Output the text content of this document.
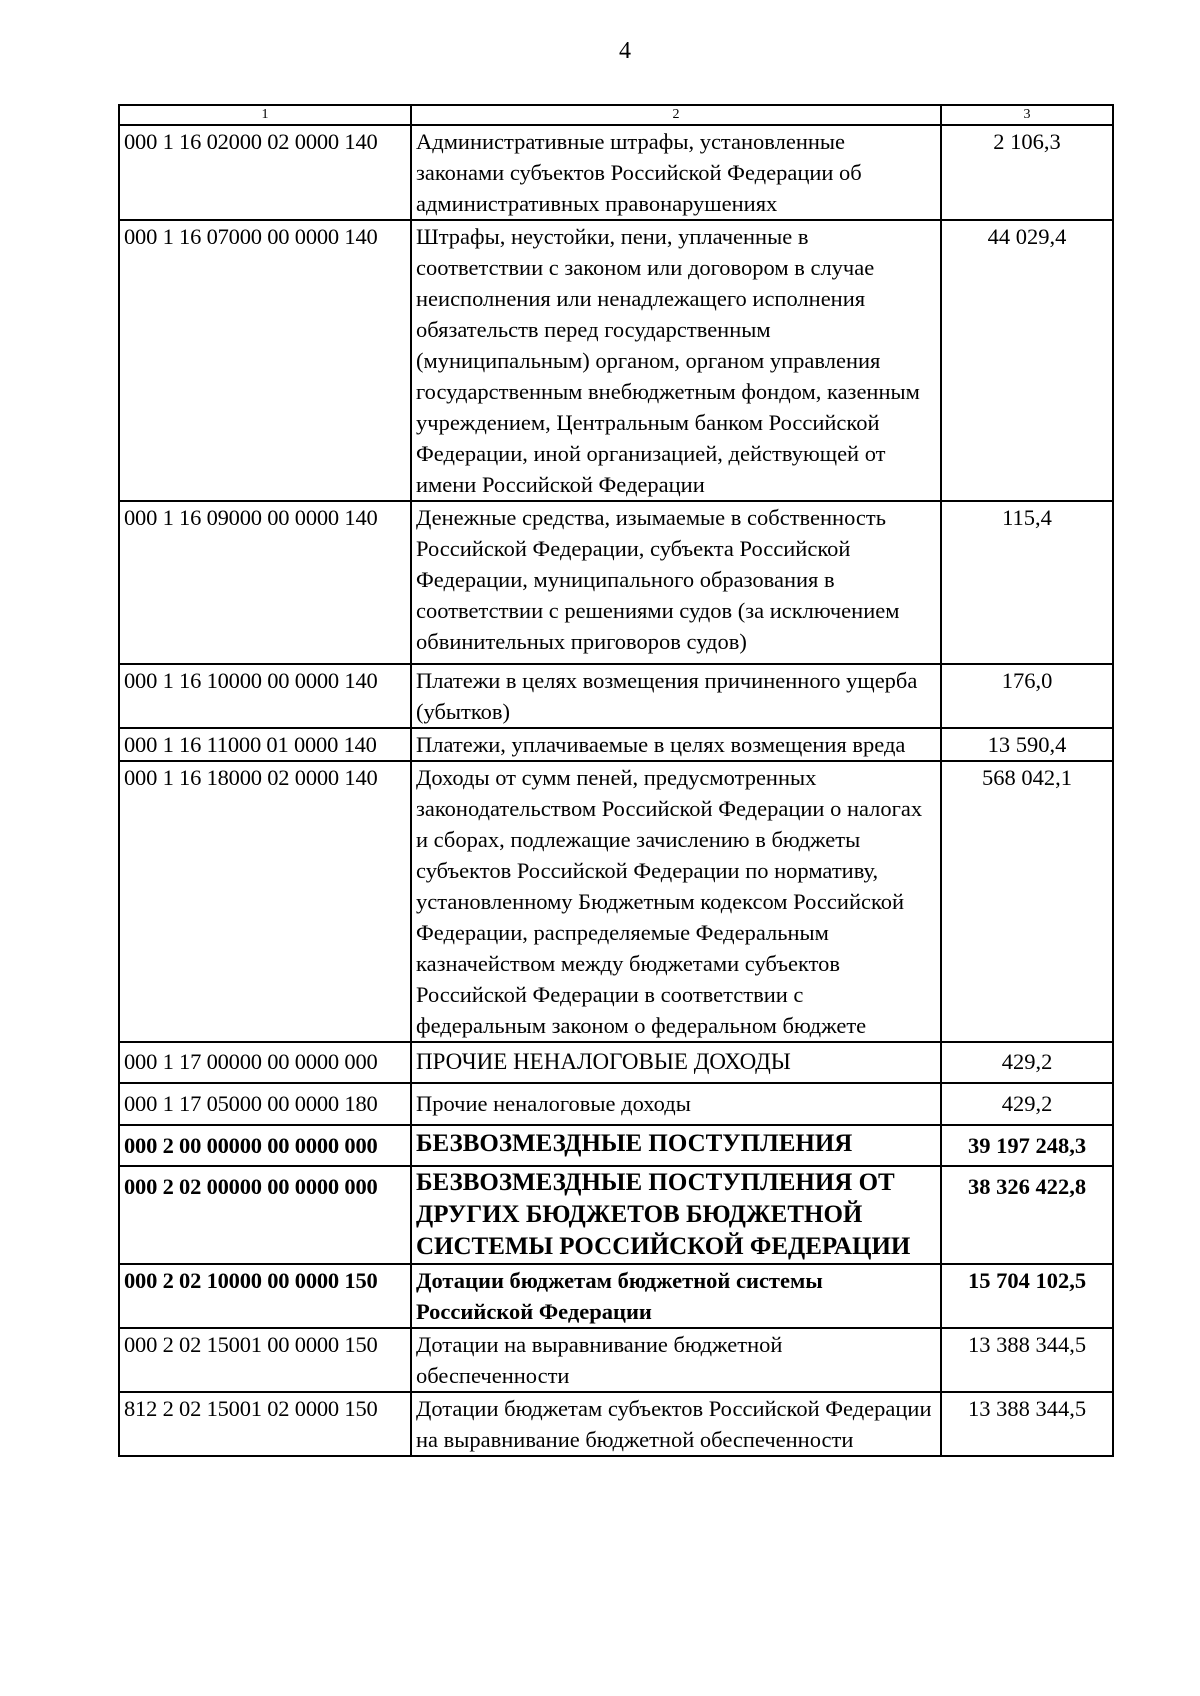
4
1	2	3
000 1 16 02000 02 0000 140	Административные штрафы, установленные законами субъектов Российской Федерации об административных правонарушениях	2 106,3
000 1 16 07000 00 0000 140	Штрафы, неустойки, пени, уплаченные в соответствии с законом или договором в случае неисполнения или ненадлежащего исполнения обязательств перед государственным (муниципальным) органом, органом управления государственным внебюджетным фондом, казенным учреждением, Центральным банком Российской Федерации, иной организацией, действующей от имени Российской Федерации	44 029,4
000 1 16 09000 00 0000 140	Денежные средства, изымаемые в собственность Российской Федерации, субъекта Российской Федерации, муниципального образования в соответствии с решениями судов (за исключением обвинительных приговоров судов)	115,4
000 1 16 10000 00 0000 140	Платежи в целях возмещения причиненного ущерба (убытков)	176,0
000 1 16 11000 01 0000 140	Платежи, уплачиваемые в целях возмещения вреда	13 590,4
000 1 16 18000 02 0000 140	Доходы от сумм пеней, предусмотренных законодательством Российской Федерации о налогах и сборах, подлежащие зачислению в бюджеты субъектов Российской Федерации по нормативу, установленному Бюджетным кодексом Российской Федерации, распределяемые Федеральным казначейством между бюджетами субъектов Российской Федерации в соответствии с федеральным законом о федеральном бюджете	568 042,1
000 1 17 00000 00 0000 000	ПРОЧИЕ НЕНАЛОГОВЫЕ ДОХОДЫ	429,2
000 1 17 05000 00 0000 180	Прочие неналоговые доходы	429,2
000 2 00 00000 00 0000 000	БЕЗВОЗМЕЗДНЫЕ ПОСТУПЛЕНИЯ	39 197 248,3
000 2 02 00000 00 0000 000	БЕЗВОЗМЕЗДНЫЕ ПОСТУПЛЕНИЯ ОТ ДРУГИХ БЮДЖЕТОВ БЮДЖЕТНОЙ СИСТЕМЫ РОССИЙСКОЙ ФЕДЕРАЦИИ	38 326 422,8
000 2 02 10000 00 0000 150	Дотации бюджетам бюджетной системы Российской Федерации	15 704 102,5
000 2 02 15001 00 0000 150	Дотации на выравнивание бюджетной обеспеченности	13 388 344,5
812 2 02 15001 02 0000 150	Дотации бюджетам субъектов Российской Федерации на выравнивание бюджетной обеспеченности	13 388 344,5
